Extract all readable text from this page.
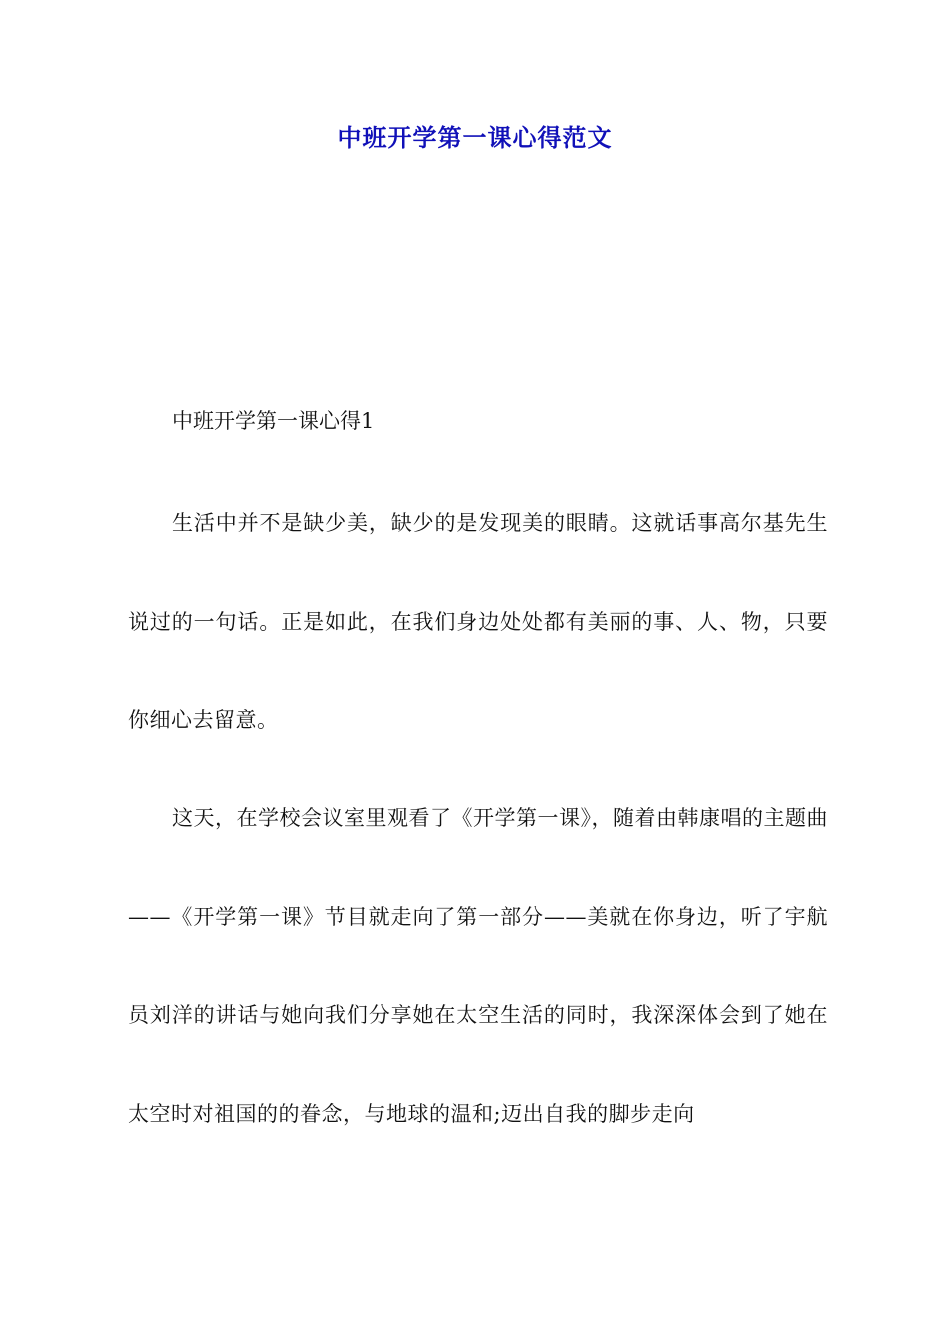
中班开学第一课心得范文

中班开学第一课心得1

生活中并不是缺少美，缺少的是发现美的眼睛。这就话事高尔基先生说过的一句话。正是如此，在我们身边处处都有美丽的事、人、物，只要你细心去留意。

这天，在学校会议室里观看了《开学第一课》，随着由韩康唱的主题曲——《开学第一课》节目就走向了第一部分——美就在你身边，听了宇航员刘洋的讲话与她向我们分享她在太空生活的同时，我深深体会到了她在太空时对祖国的的眷念，与地球的温和;迈出自我的脚步走向
